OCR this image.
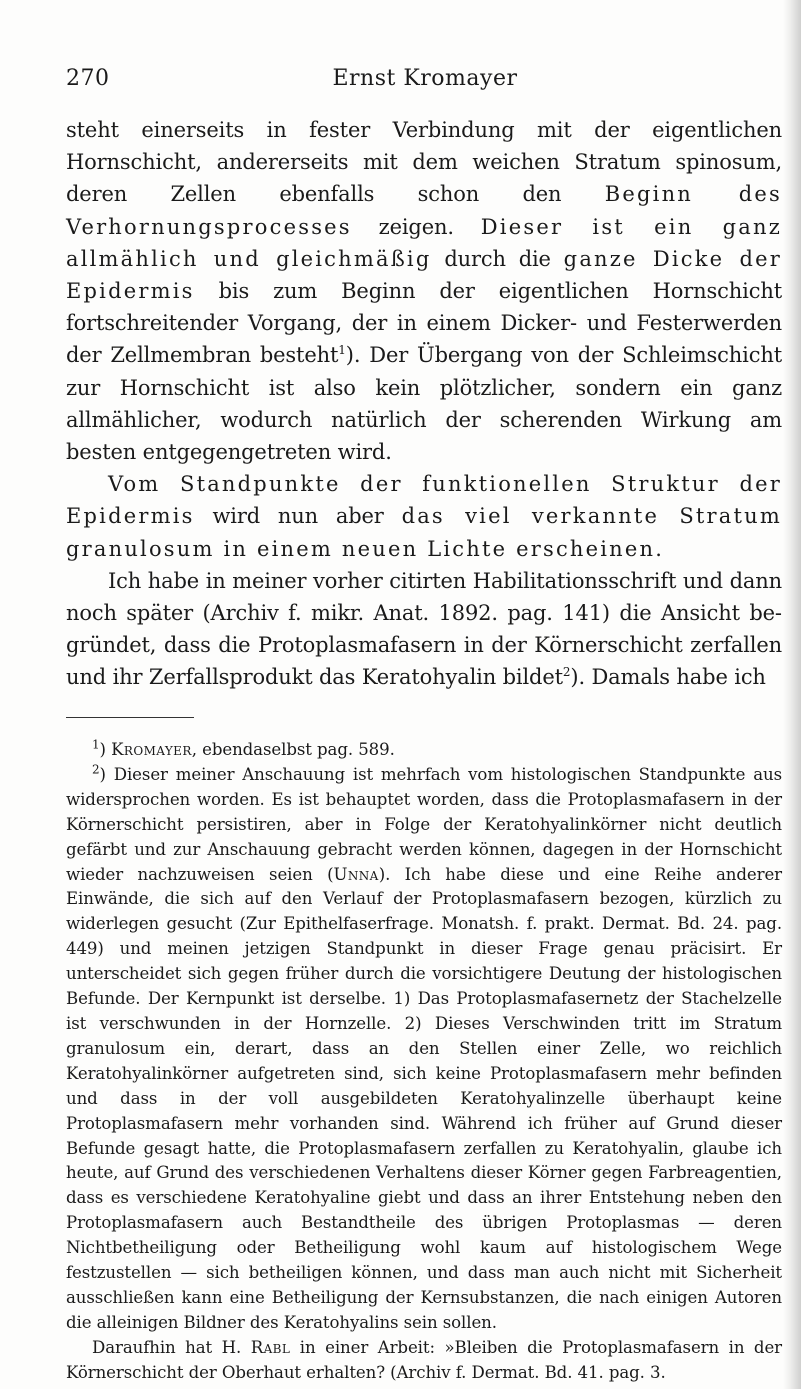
270	Ernst Kromayer

steht einerseits in fester Verbindung mit der eigentlichen Hornschicht, andererseits mit dem weichen Stratum spinosum, deren Zellen ebenfalls schon den Beginn des Verhornungsprocesses zeigen. Dieser ist ein ganz allmählich und gleichmäßig durch die ganze Dicke der Epidermis bis zum Beginn der eigentlichen Hornschicht fortschreitender Vorgang, der in einem Dicker- und Festerwerden der Zellmembran besteht$^1$). Der Übergang von der Schleimschicht zur Hornschicht ist also kein plötzlicher, sondern ein ganz allmählicher, wodurch natürlich der scherenden Wirkung am besten entgegengetreten wird.

Vom Standpunkte der funktionellen Struktur der Epidermis wird nun aber das viel verkannte Stratum granulosum in einem neuen Lichte erscheinen.

Ich habe in meiner vorher citirten Habilitationsschrift und dann noch später (Archiv f. mikr. Anat. 1892. pag. 141) die Ansicht begründet, dass die Protoplasmafasern in der Körnerschicht zerfallen und ihr Zerfallsprodukt das Keratohyalin bildet$^2$). Damals habe ich

$^1$) Kromayer, ebendaselbst pag. 589.

$^2$) Dieser meiner Anschauung ist mehrfach vom histologischen Standpunkte aus widersprochen worden. Es ist behauptet worden, dass die Protoplasmafasern in der Körnerschicht persistiren, aber in Folge der Keratohyalinkörner nicht deutlich gefärbt und zur Anschauung gebracht werden können, dagegen in der Hornschicht wieder nachzuweisen seien (Unna). Ich habe diese und eine Reihe anderer Einwände, die sich auf den Verlauf der Protoplasmafasern bezogen, kürzlich zu widerlegen gesucht (Zur Epithelfaserfrage. Monatsh. f. prakt. Dermat. Bd. 24. pag. 449) und meinen jetzigen Standpunkt in dieser Frage genau präcisirt. Er unterscheidet sich gegen früher durch die vorsichtigere Deutung der histologischen Befunde. Der Kernpunkt ist derselbe. 1) Das Protoplasmafasernetz der Stachelzelle ist verschwunden in der Hornzelle. 2) Dieses Verschwinden tritt im Stratum granulosum ein, derart, dass an den Stellen einer Zelle, wo reichlich Keratohyalinkörner aufgetreten sind, sich keine Protoplasmafasern mehr befinden und dass in der voll ausgebildeten Keratohyalinzelle überhaupt keine Protoplasmafasern mehr vorhanden sind. Während ich früher auf Grund dieser Befunde gesagt hatte, die Protoplasmafasern zerfallen zu Keratohyalin, glaube ich heute, auf Grund des verschiedenen Verhaltens dieser Körner gegen Farbreagentien, dass es verschiedene Keratohyaline giebt und dass an ihrer Entstehung neben den Protoplasmafasern auch Bestandtheile des übrigen Protoplasmas — deren Nichtbetheiligung oder Betheiligung wohl kaum auf histologischem Wege festzustellen — sich betheiligen können, und dass man auch nicht mit Sicherheit ausschließen kann eine Betheiligung der Kernsubstanzen, die nach einigen Autoren die alleinigen Bildner des Keratohyalins sein sollen.

Daraufhin hat H. Rabl in einer Arbeit: »Bleiben die Protoplasmafasern in der Körnerschicht der Oberhaut erhalten? (Archiv f. Dermat. Bd. 41. pag. 3.
